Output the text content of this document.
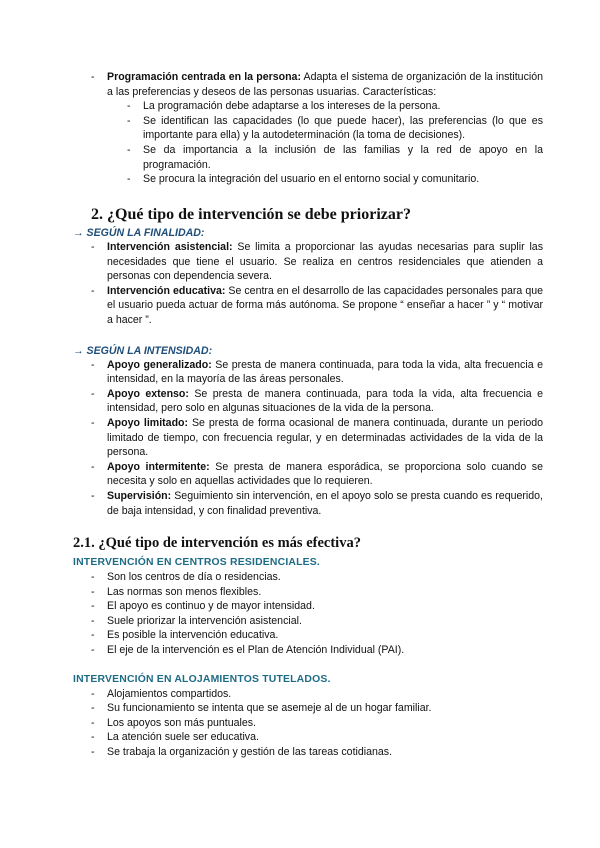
- Programación centrada en la persona: Adapta el sistema de organización de la institución a las preferencias y deseos de las personas usuarias. Características:
- La programación debe adaptarse a los intereses de la persona.
- Se identifican las capacidades (lo que puede hacer), las preferencias (lo que es importante para ella) y la autodeterminación (la toma de decisiones).
- Se da importancia a la inclusión de las familias y la red de apoyo en la programación.
- Se procura la integración del usuario en el entorno social y comunitario.
2. ¿Qué tipo de intervención se debe priorizar?
→ SEGÚN LA FINALIDAD:
- Intervención asistencial: Se limita a proporcionar las ayudas necesarias para suplir las necesidades que tiene el usuario. Se realiza en centros residenciales que atienden a personas con dependencia severa.
- Intervención educativa: Se centra en el desarrollo de las capacidades personales para que el usuario pueda actuar de forma más autónoma. Se propone “ enseñar a hacer ” y “ motivar a hacer ”.
→ SEGÚN LA INTENSIDAD:
- Apoyo generalizado: Se presta de manera continuada, para toda la vida, alta frecuencia e intensidad, en la mayoría de las áreas personales.
- Apoyo extenso: Se presta de manera continuada, para toda la vida, alta frecuencia e intensidad, pero solo en algunas situaciones de la vida de la persona.
- Apoyo limitado: Se presta de forma ocasional de manera continuada, durante un periodo limitado de tiempo, con frecuencia regular, y en determinadas actividades de la vida de la persona.
- Apoyo intermitente: Se presta de manera esporádica, se proporciona solo cuando se necesita y solo en aquellas actividades que lo requieren.
- Supervisión: Seguimiento sin intervención, en el apoyo solo se presta cuando es requerido, de baja intensidad, y con finalidad preventiva.
2.1. ¿Qué tipo de intervención es más efectiva?
INTERVENCIÓN EN CENTROS RESIDENCIALES.
- Son los centros de día o residencias.
- Las normas son menos flexibles.
- El apoyo es continuo y de mayor intensidad.
- Suele priorizar la intervención asistencial.
- Es posible la intervención educativa.
- El eje de la intervención es el Plan de Atención Individual (PAI).
INTERVENCIÓN EN ALOJAMIENTOS TUTELADOS.
- Alojamientos compartidos.
- Su funcionamiento se intenta que se asemeje al de un hogar familiar.
- Los apoyos son más puntuales.
- La atención suele ser educativa.
- Se trabaja la organización y gestión de las tareas cotidianas.
